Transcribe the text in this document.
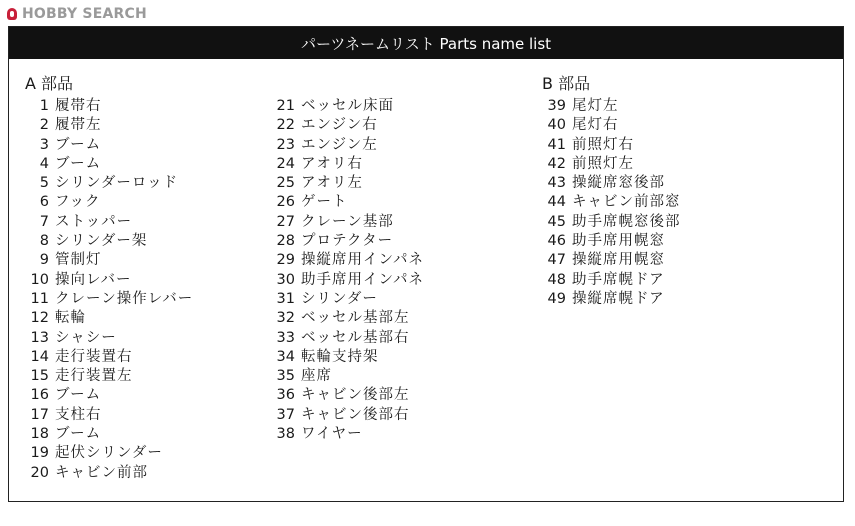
HOBBY SEARCH
パーツネームリスト Parts name list
A 部品
1 履帯右
2 履帯左
3 ブーム
4 ブーム
5 シリンダーロッド
6 フック
7 ストッパー
8 シリンダー架
9 管制灯
10 操向レバー
11 クレーン操作レバー
12 転輪
13 シャシー
14 走行装置右
15 走行装置左
16 ブーム
17 支柱右
18 ブーム
19 起伏シリンダー
20 キャビン前部
21 ベッセル床面
22 エンジン右
23 エンジン左
24 アオリ右
25 アオリ左
26 ゲート
27 クレーン基部
28 プロテクター
29 操縦席用インパネ
30 助手席用インパネ
31 シリンダー
32 ベッセル基部左
33 ベッセル基部右
34 転輪支持架
35 座席
36 キャビン後部左
37 キャビン後部右
38 ワイヤー
B 部品
39 尾灯左
40 尾灯右
41 前照灯右
42 前照灯左
43 操縦席窓後部
44 キャビン前部窓
45 助手席幌窓後部
46 助手席用幌窓
47 操縦席用幌窓
48 助手席幌ドア
49 操縦席幌ドア
